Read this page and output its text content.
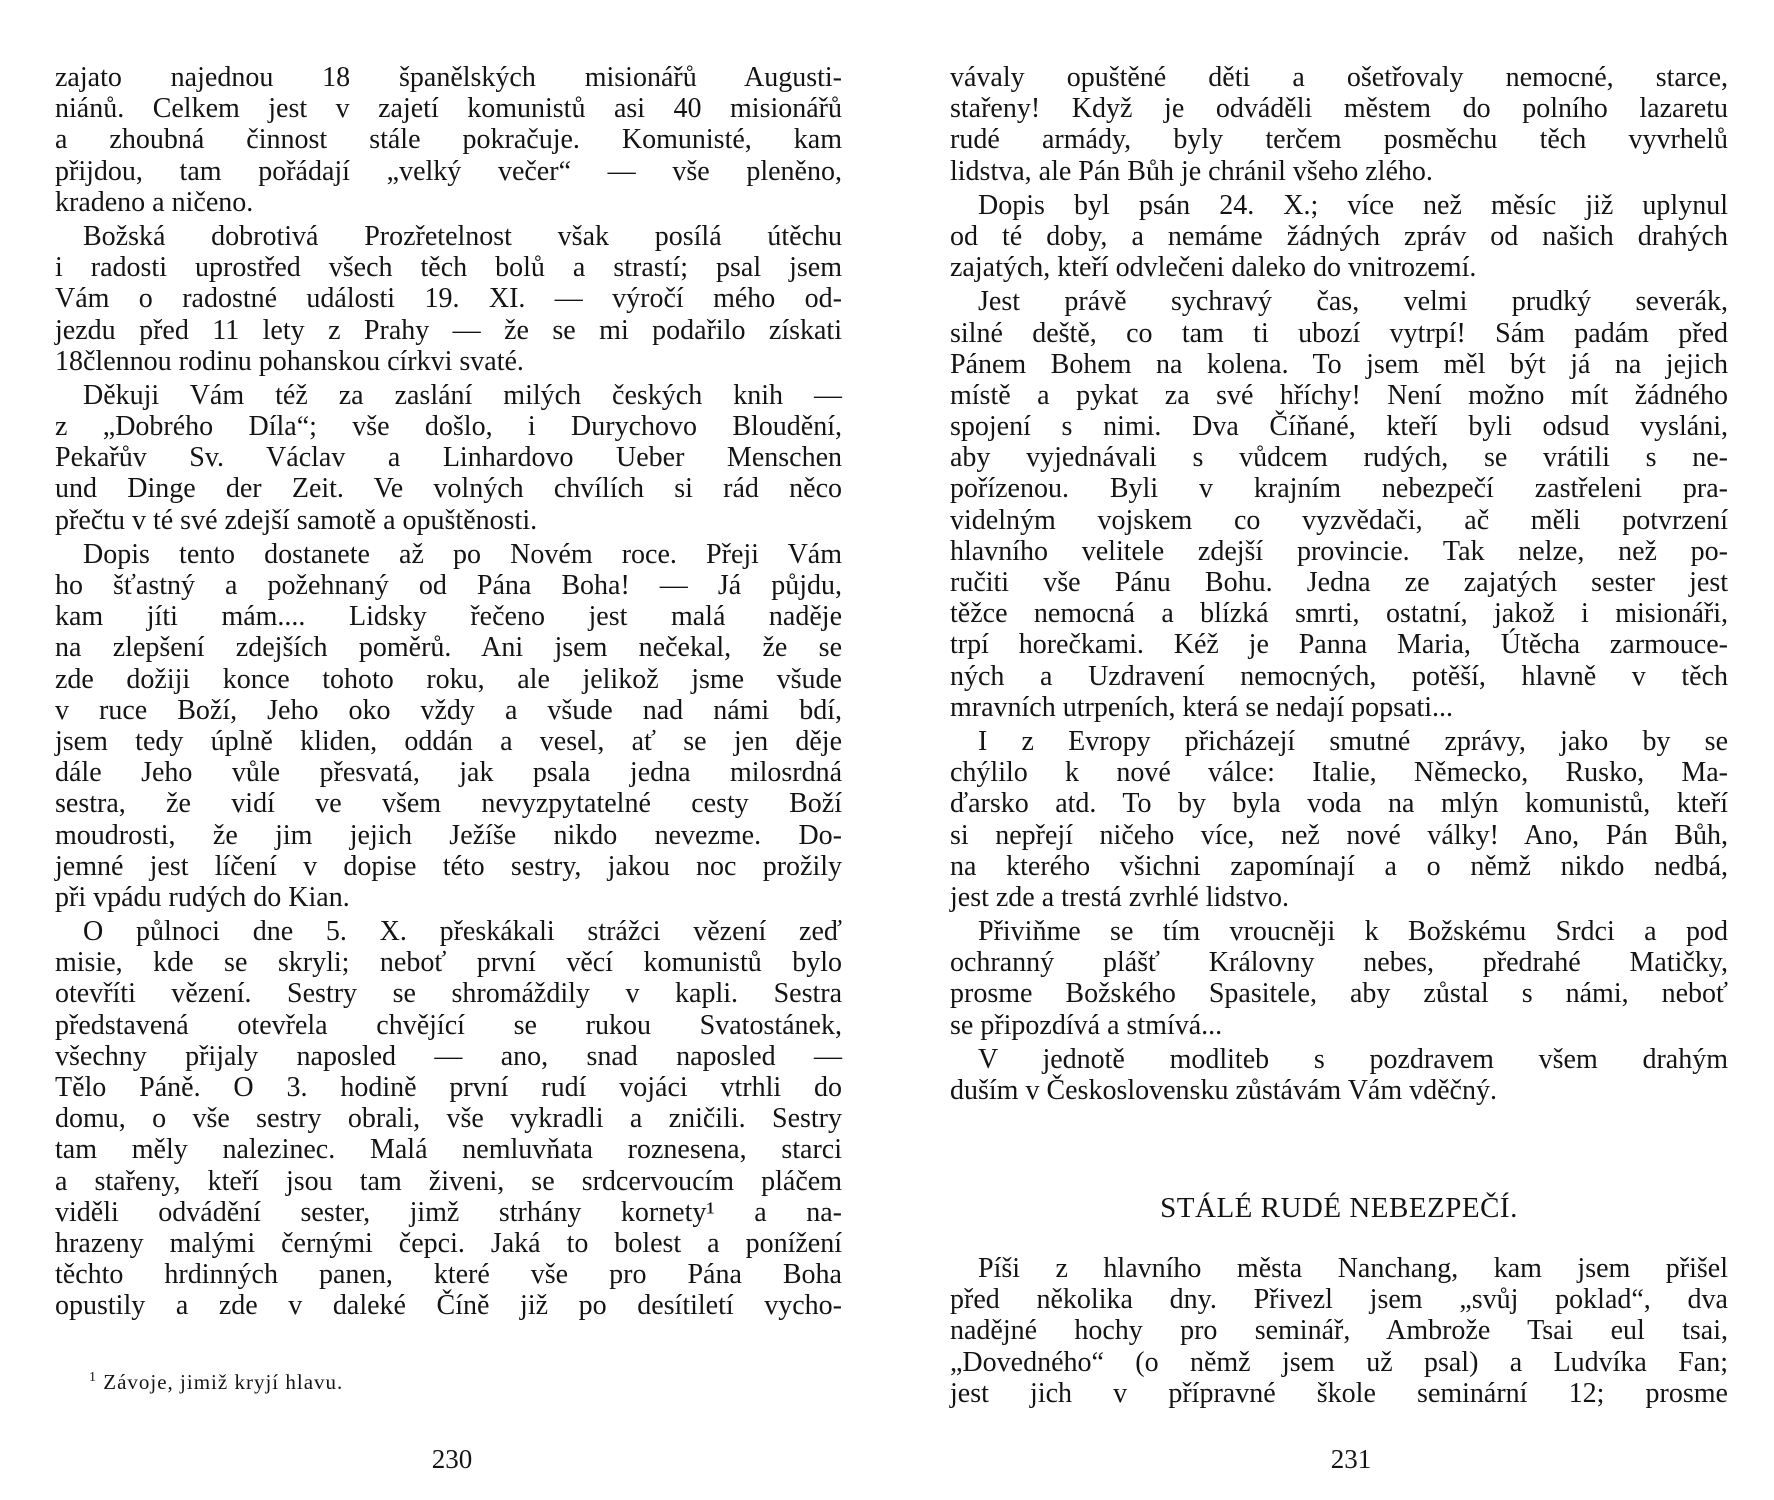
zajato najednou 18 španělských misionářů Augusti-
niánů. Celkem jest v zajetí komunistů asi 40 misionářů
a zhoubná činnost stále pokračuje. Komunisté, kam
přijdou, tam pořádají „velký večer“ — vše pleněno,
kradeno a ničeno.
Božská dobrotivá Prozřetelnost však posílá útěchu
i radosti uprostřed všech těch bolů a strastí; psal jsem
Vám o radostné události 19. XI. — výročí mého od-
jezdu před 11 lety z Prahy — že se mi podařilo získati
18člennou rodinu pohanskou církvi svaté.
Děkuji Vám též za zaslání milých českých knih —
z „Dobrého Díla“; vše došlo, i Durychovo Bloudění,
Pekařův Sv. Václav a Linhardovo Ueber Menschen
und Dinge der Zeit. Ve volných chvílích si rád něco
přečtu v té své zdejší samotě a opuštěnosti.
Dopis tento dostanete až po Novém roce. Přeji Vám
ho šťastný a požehnaný od Pána Boha! — Já půjdu,
kam jíti mám.... Lidsky řečeno jest malá naděje
na zlepšení zdejších poměrů. Ani jsem nečekal, že se
zde dožiji konce tohoto roku, ale jelikož jsme všude
v ruce Boží, Jeho oko vždy a všude nad námi bdí,
jsem tedy úplně kliden, oddán a vesel, ať se jen děje
dále Jeho vůle přesvatá, jak psala jedna milosrdná
sestra, že vidí ve všem nevyzpytatelné cesty Boží
moudrosti, že jim jejich Ježíše nikdo nevezme. Do-
jemné jest líčení v dopise této sestry, jakou noc prožily
při vpádu rudých do Kian.
O půlnoci dne 5. X. přeskákali strážci vězení zeď
misie, kde se skryli; neboť první věcí komunistů bylo
otevříti vězení. Sestry se shromáždily v kapli. Sestra
představená otevřela chvějící se rukou Svatostánek,
všechny přijaly naposled — ano, snad naposled —
Tělo Páně. O 3. hodině první rudí vojáci vtrhli do
domu, o vše sestry obrali, vše vykradli a zničili. Sestry
tam měly nalezinec. Malá nemluvňata roznesena, starci
a stařeny, kteří jsou tam živeni, se srdcervoucím pláčem
viděli odvádění sester, jimž strhány kornety¹ a na-
hrazeny malými černými čepci. Jaká to bolest a ponížení
těchto hrdinných panen, které vše pro Pána Boha
opustily a zde v daleké Číně již po desítiletí vycho-
$^1$ Závoje, jimiž kryjí hlavu.
230
vávaly opuštěné děti a ošetřovaly nemocné, starce,
stařeny! Když je odváděli městem do polního lazaretu
rudé armády, byly terčem posměchu těch vyvrhelů
lidstva, ale Pán Bůh je chránil všeho zlého.
Dopis byl psán 24. X.; více než měsíc již uplynul
od té doby, a nemáme žádných zpráv od našich drahých
zajatých, kteří odvlečeni daleko do vnitrozemí.
Jest právě sychravý čas, velmi prudký severák,
silné deště, co tam ti ubozí vytrpí! Sám padám před
Pánem Bohem na kolena. To jsem měl být já na jejich
místě a pykat za své hříchy! Není možno mít žádného
spojení s nimi. Dva Číňané, kteří byli odsud vysláni,
aby vyjednávali s vůdcem rudých, se vrátili s ne-
pořízenou. Byli v krajním nebezpečí zastřeleni pra-
videlným vojskem co vyzvědači, ač měli potvrzení
hlavního velitele zdejší provincie. Tak nelze, než po-
ručiti vše Pánu Bohu. Jedna ze zajatých sester jest
těžce nemocná a blízká smrti, ostatní, jakož i misionáři,
trpí horečkami. Kéž je Panna Maria, Útěcha zarmouce-
ných a Uzdravení nemocných, potěší, hlavně v těch
mravních utrpeních, která se nedají popsati...
I z Evropy přicházejí smutné zprávy, jako by se
chýlilo k nové válce: Italie, Německo, Rusko, Ma-
ďarsko atd. To by byla voda na mlýn komunistů, kteří
si nepřejí ničeho více, než nové války! Ano, Pán Bůh,
na kterého všichni zapomínají a o němž nikdo nedbá,
jest zde a trestá zvrhlé lidstvo.
Přivіňme se tím vroucněji k Božskému Srdci a pod
ochranný plášť Královny nebes, předrahé Matičky,
prosme Božského Spasitele, aby zůstal s námi, neboť
se připozdívá a stmívá...
V jednotě modliteb s pozdravem všem drahým
duším v Československu zůstávám Vám vděčný.
STÁLÉ RUDÉ NEBEZPEČÍ.
Píši z hlavního města Nanchang, kam jsem přišel
před několika dny. Přivezl jsem „svůj poklad“, dva
nadějné hochy pro seminář, Ambrože Tsai eul tsai,
„Dovedného“ (o němž jsem už psal) a Ludvíka Fan;
jest jich v přípravné škole seminární 12; prosme
231
